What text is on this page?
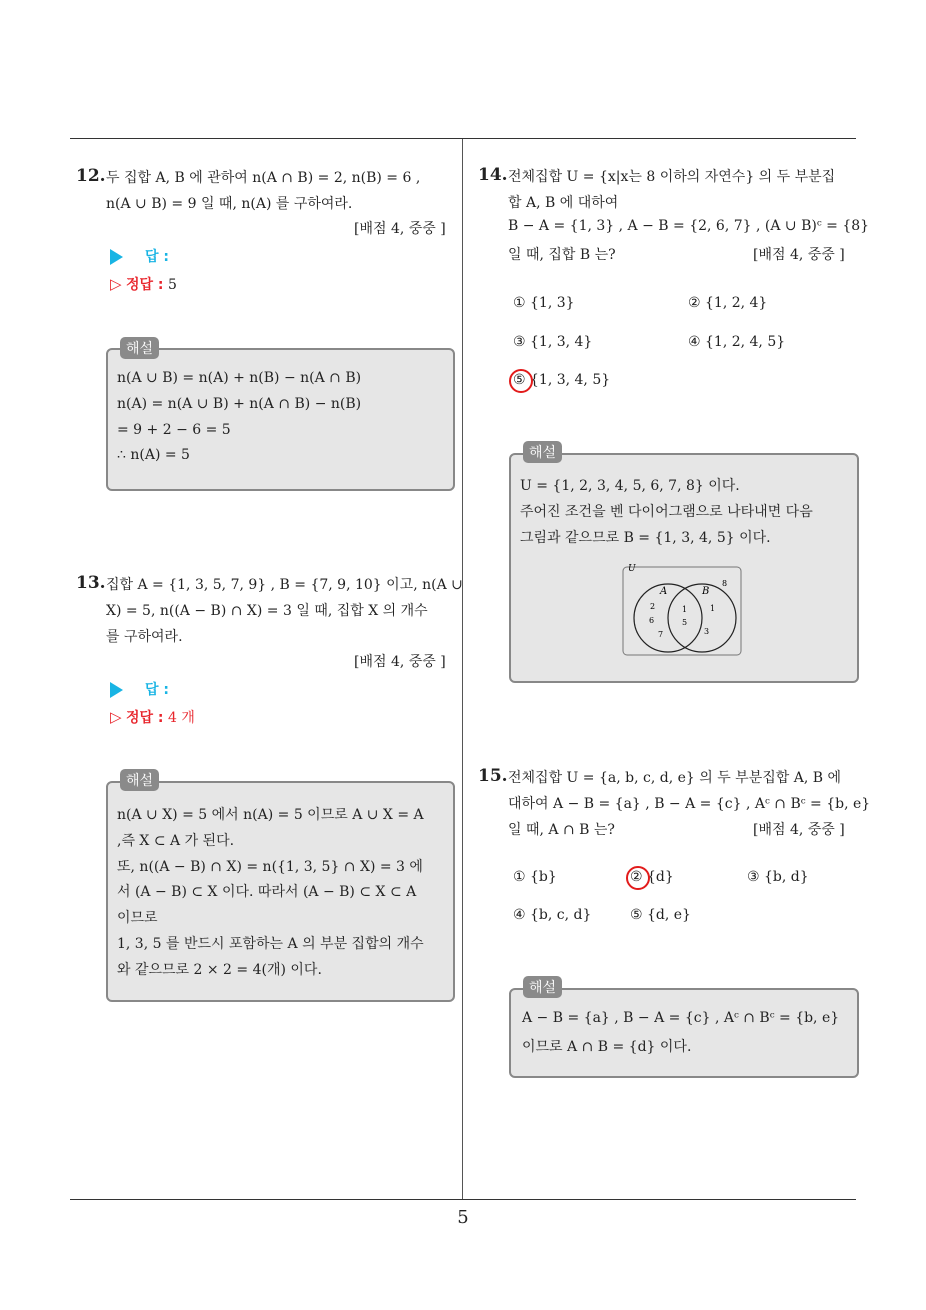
5
12. 두 집합 A, B 에 관하여 n(A ∩ B) = 2, n(B) = 6 ,
n(A ∪ B) = 9 일 때, n(A) 를 구하여라.
[배점 4, 중중 ]
답 :
▷ 정답 : 5
해설
n(A ∪ B) = n(A) + n(B) − n(A ∩ B)
n(A) = n(A ∪ B) + n(A ∩ B) − n(B)
= 9 + 2 − 6 = 5
∴ n(A) = 5
13. 집합 A = {1, 3, 5, 7, 9} , B = {7, 9, 10} 이고, n(A ∪
X) = 5, n((A − B) ∩ X) = 3 일 때, 집합 X 의 개수
를 구하여라.
[배점 4, 중중 ]
답 :
▷ 정답 : 4 개
해설
n(A ∪ X) = 5 에서 n(A) = 5 이므로 A ∪ X = A
,즉 X ⊂ A 가 된다.
또, n((A − B) ∩ X) = n({1, 3, 5} ∩ X) = 3 에
서 (A − B) ⊂ X 이다. 따라서 (A − B) ⊂ X ⊂ A
이므로
1, 3, 5 를 반드시 포함하는 A 의 부분 집합의 개수
와 같으므로 2 × 2 = 4(개) 이다.
14. 전체집합 U = {x|x는 8 이하의 자연수} 의 두 부분집
합 A, B 에 대하여
B − A = {1, 3} , A − B = {2, 6, 7} , (A ∪ B)ᶜ = {8}
일 때, 집합 B 는?	[배점 4, 중중 ]
① {1, 3}	② {1, 2, 4}
③ {1, 3, 4}	④ {1, 2, 4, 5}
⑤ {1, 3, 4, 5}
해설
U = {1, 2, 3, 4, 5, 6, 7, 8} 이다.
주어진 조건을 벤 다이어그램으로 나타내면 다음
그림과 같으므로 B = {1, 3, 4, 5} 이다.
U
A	B
8
2
6
7
1
5
1
3
15. 전체집합 U = {a, b, c, d, e} 의 두 부분집합 A, B 에
대하여 A − B = {a} , B − A = {c} , Aᶜ ∩ Bᶜ = {b, e}
일 때, A ∩ B 는?	[배점 4, 중중 ]
① {b}	② {d}	③ {b, d}
④ {b, c, d}	⑤ {d, e}
해설
A − B = {a} , B − A = {c} , Aᶜ ∩ Bᶜ = {b, e}
이므로 A ∩ B = {d} 이다.
